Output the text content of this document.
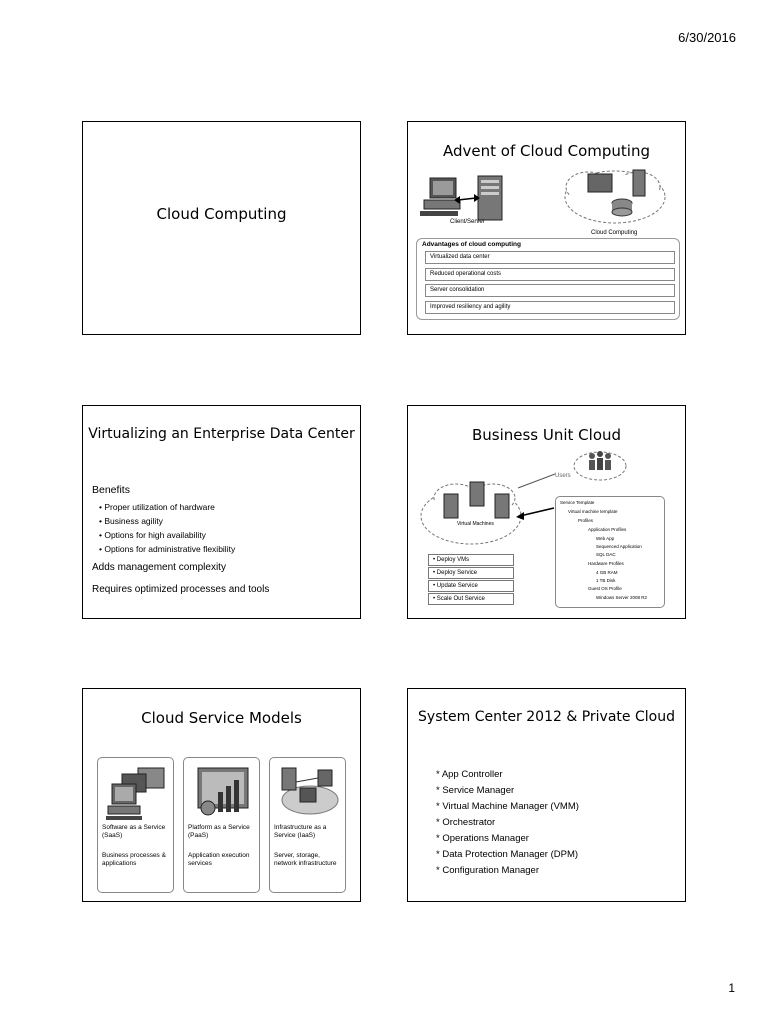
6/30/2016
Cloud Computing
Advent of Cloud Computing
Client/Server
Cloud Computing
Advantages of cloud computing
Virtualized data center
Reduced operational costs
Server consolidation
Improved resiliency and agility
Virtualizing an Enterprise Data Center
Benefits
• Proper utilization of hardware
• Business agility
• Options for high availability
• Options for administrative flexibility
Adds management complexity
Requires optimized processes and tools
Business Unit Cloud
Users
Virtual Machines
• Deploy VMs
• Deploy Service
• Update Service
• Scale Out Service
Service Template
Virtual machine template
Profiles
Application Profiles
Web App
Sequenced Application
SQL DAC
Hardware Profiles
4 GB RAM
1 TB Disk
Guest OS Profile
Windows Server 2008 R2
Cloud Service Models
Software as a Service (SaaS)
Business processes & applications
Platform as a Service (PaaS)
Application execution services
Infrastructure as a Service (IaaS)
Server, storage, network infrastructure
System Center 2012 & Private Cloud
* App Controller
* Service Manager
* Virtual Machine Manager (VMM)
* Orchestrator
* Operations Manager
* Data Protection Manager (DPM)
* Configuration Manager
1
